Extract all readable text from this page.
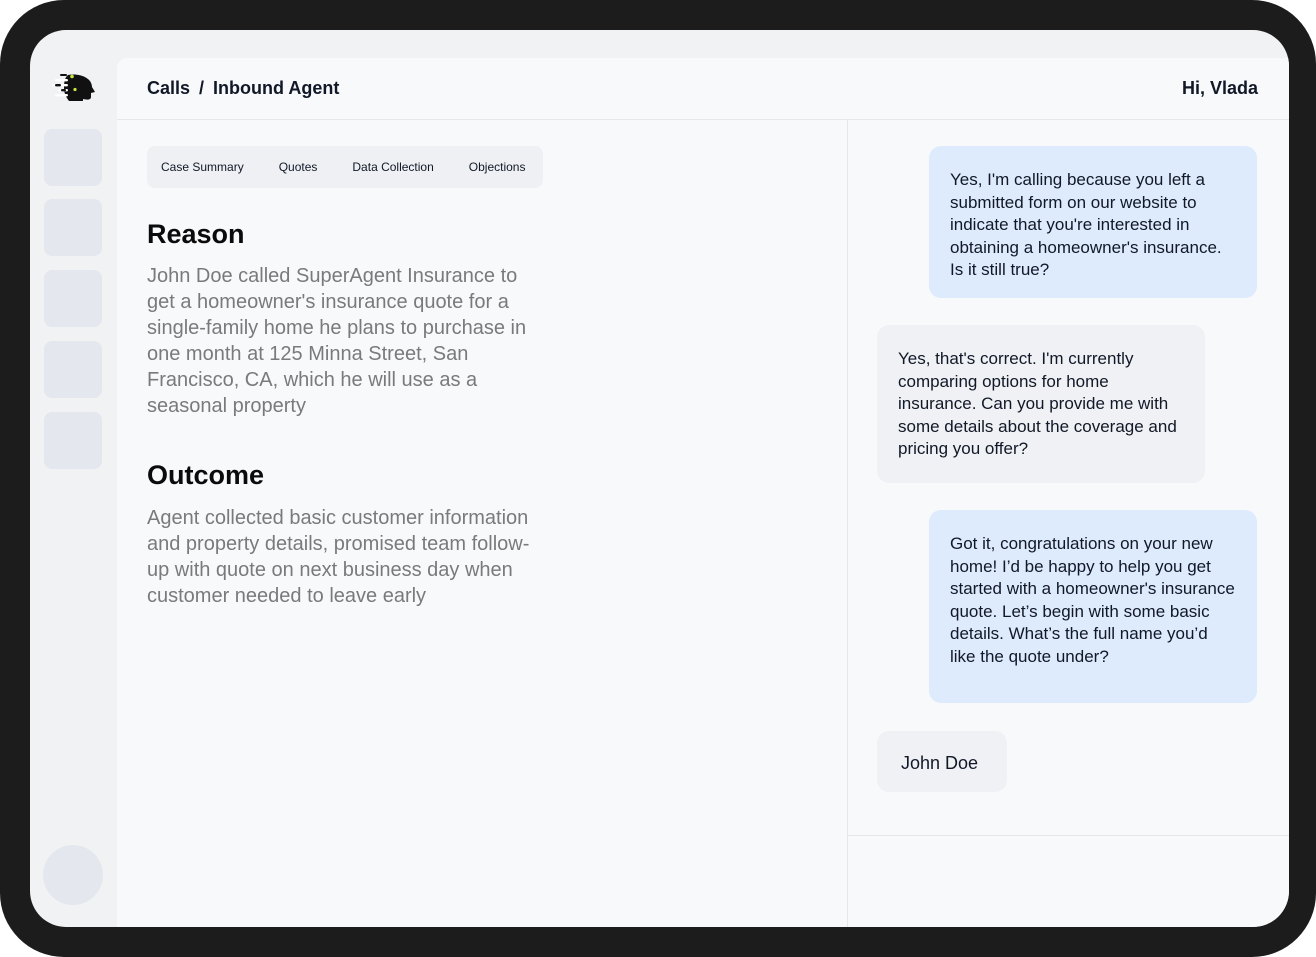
Calls / Inbound Agent	Hi, Vlada
Case Summary	Quotes	Data Collection	Objections
Reason
John Doe called SuperAgent Insurance to get a homeowner's insurance quote for a single-family home he plans to purchase in one month at 125 Minna Street, San Francisco, CA, which he will use as a seasonal property
Outcome
Agent collected basic customer information and property details, promised team follow-up with quote on next business day when customer needed to leave early
Yes, I'm calling because you left a submitted form on our website to indicate that you're interested in obtaining a homeowner's insurance. Is it still true?
Yes, that's correct. I'm currently comparing options for home insurance. Can you provide me with some details about the coverage and pricing you offer?
Got it, congratulations on your new home! I’d be happy to help you get started with a homeowner's insurance quote. Let’s begin with some basic details. What’s the full name you’d like the quote under?
John Doe
